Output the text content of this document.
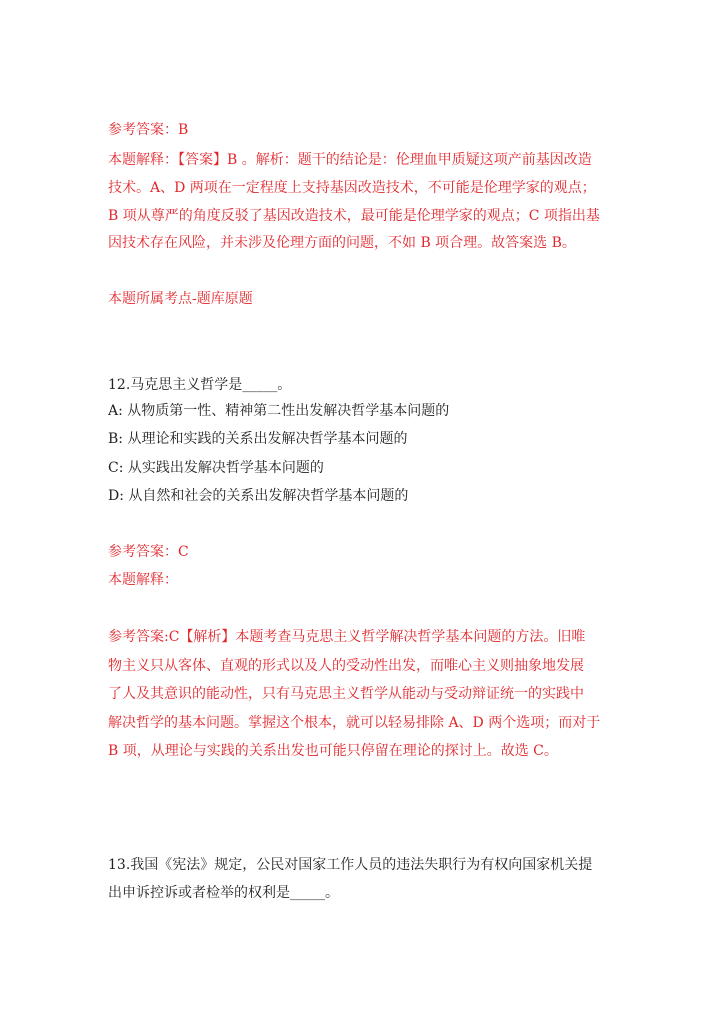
参考答案：B
本题解释：【答案】B 。解析：题干的结论是：伦理血甲质疑这项产前基因改造
技术。A、D 两项在一定程度上支持基因改造技术，不可能是伦理学家的观点；
B 项从尊严的角度反驳了基因改造技术，最可能是伦理学家的观点；C 项指出基
因技术存在风险，并未涉及伦理方面的问题，不如 B 项合理。故答案选 B。
本题所属考点-题库原题
12.马克思主义哲学是_____。
A: 从物质第一性、精神第二性出发解决哲学基本问题的
B: 从理论和实践的关系出发解决哲学基本问题的
C: 从实践出发解决哲学基本问题的
D: 从自然和社会的关系出发解决哲学基本问题的
参考答案：C
本题解释：
参考答案:C【解析】本题考查马克思主义哲学解决哲学基本问题的方法。旧唯
物主义只从客体、直观的形式以及人的受动性出发，而唯心主义则抽象地发展
了人及其意识的能动性，只有马克思主义哲学从能动与受动辩证统一的实践中
解决哲学的基本问题。掌握这个根本，就可以轻易排除 A、D 两个选项；而对于
B 项，从理论与实践的关系出发也可能只停留在理论的探讨上。故选 C。
13.我国《宪法》规定，公民对国家工作人员的违法失职行为有权向国家机关提
出申诉控诉或者检举的权利是_____。
